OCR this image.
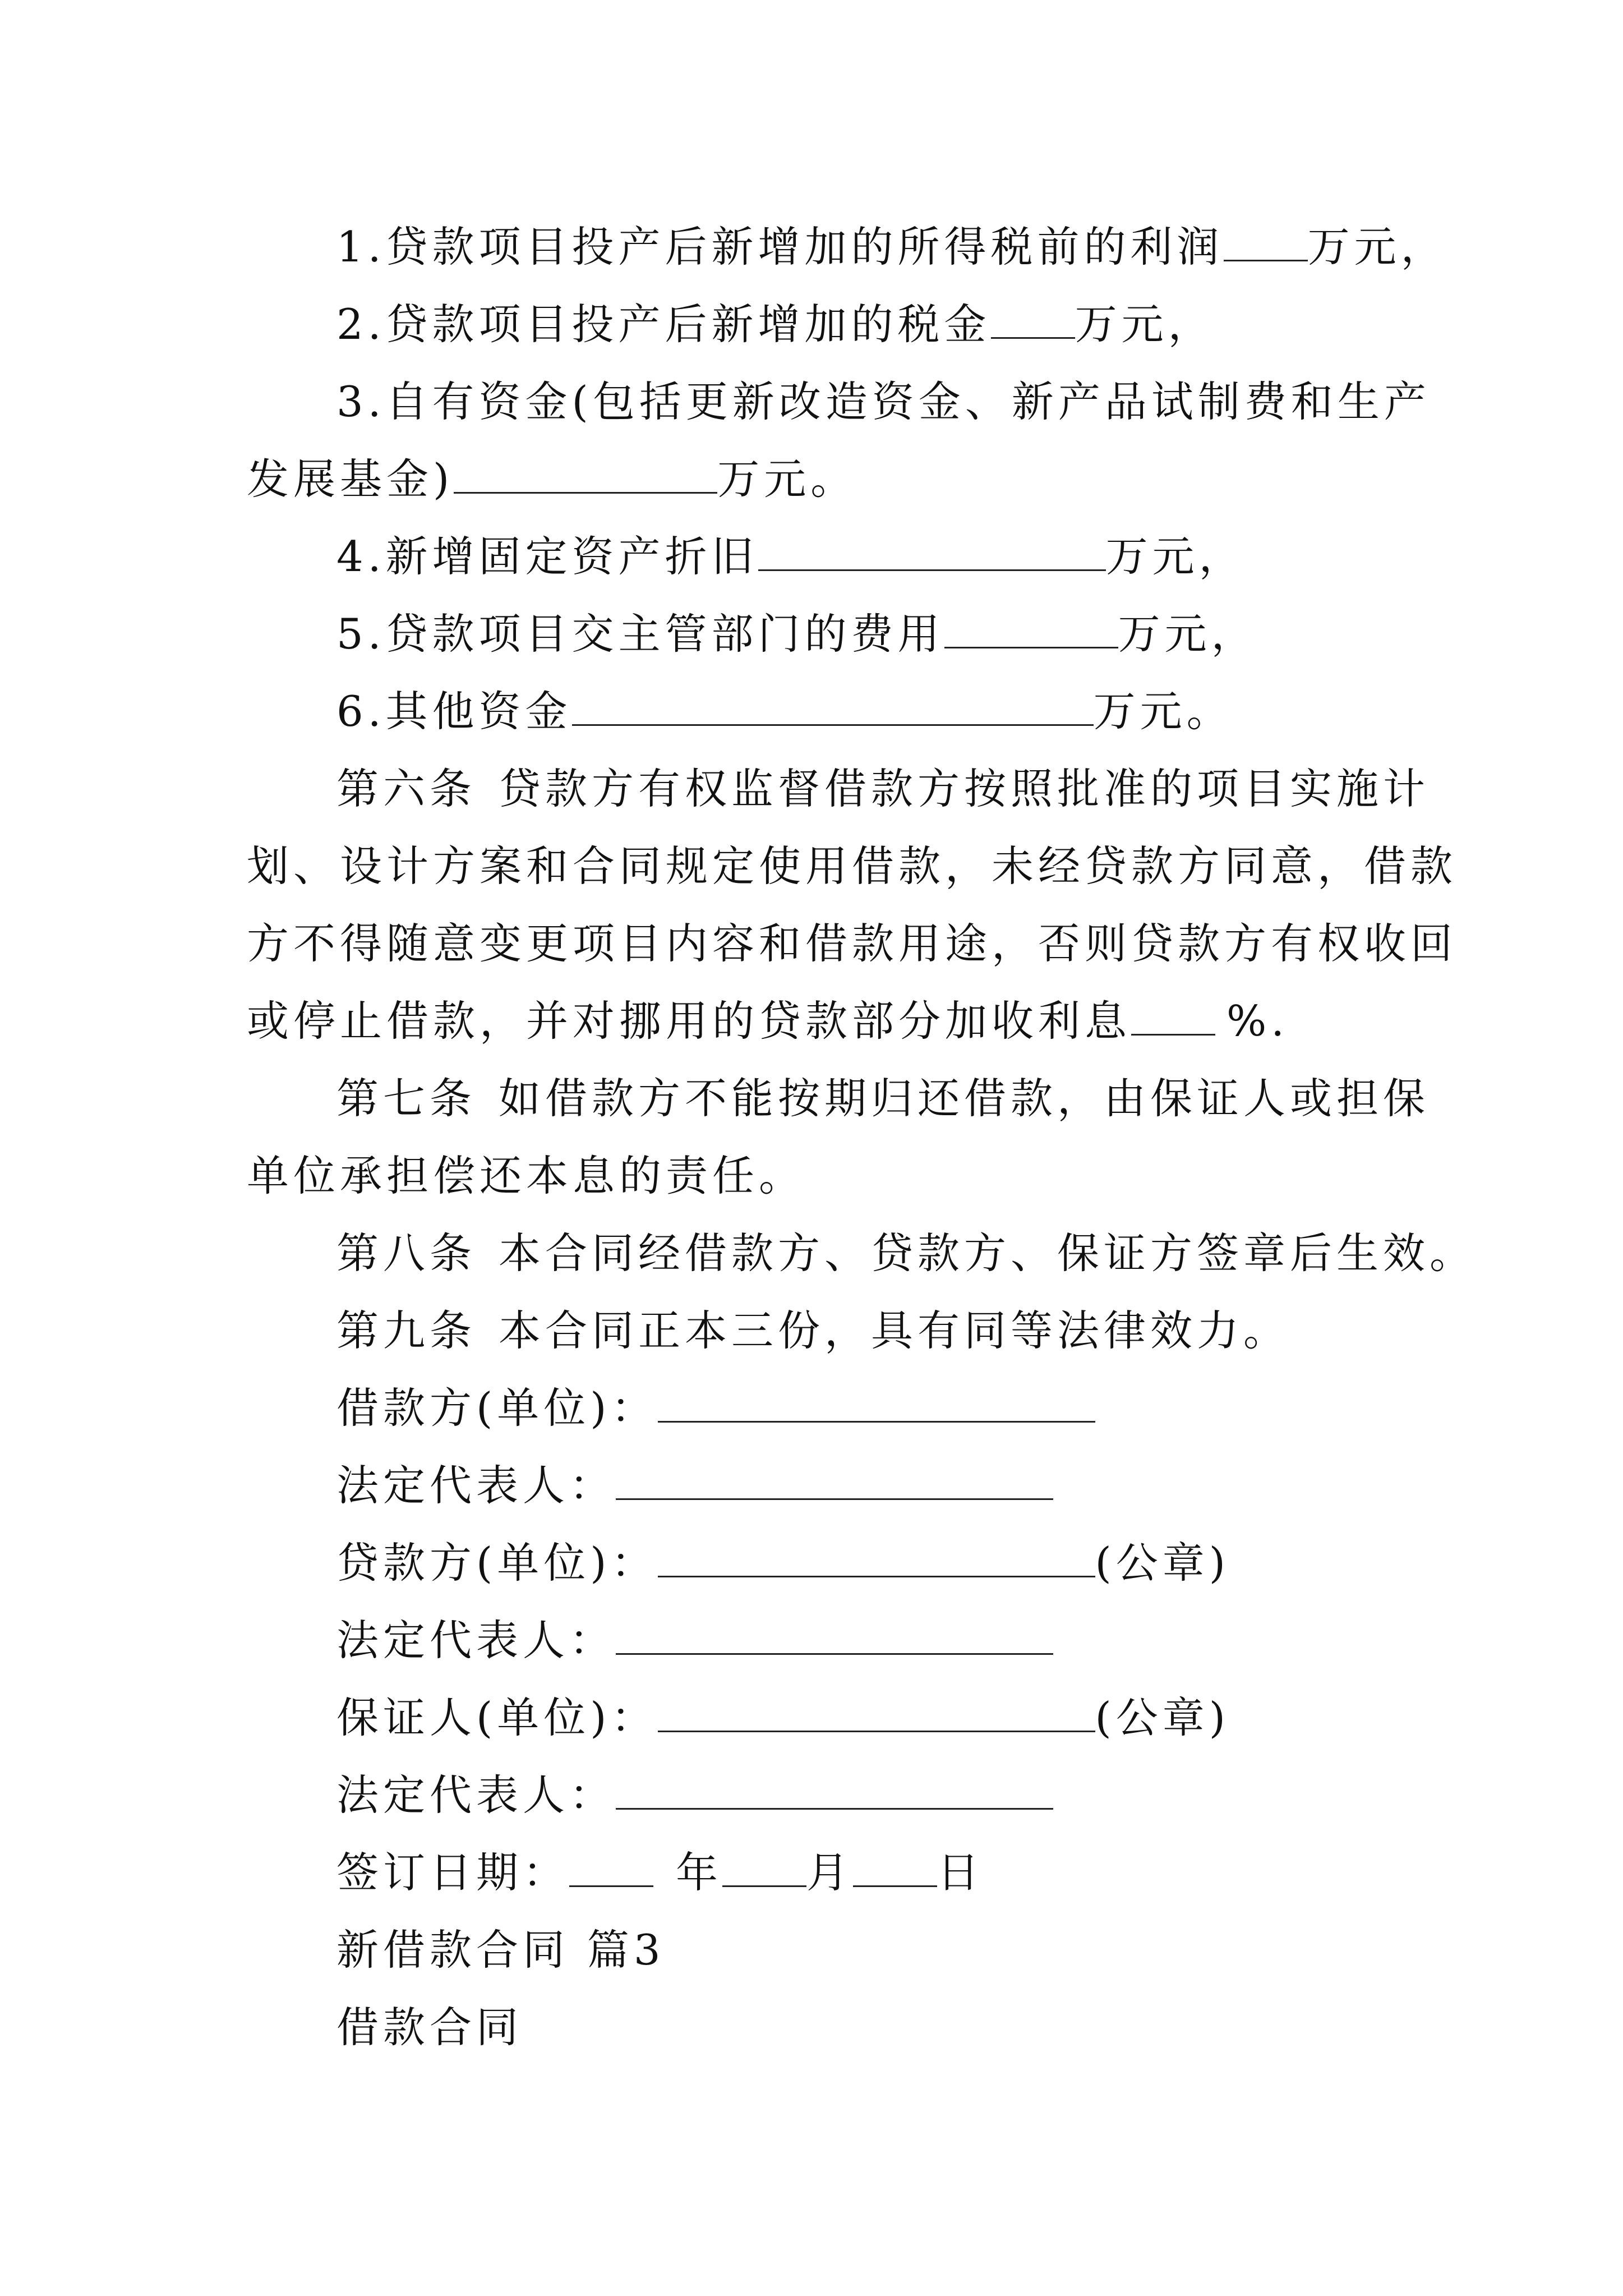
1.贷款项目投产后新增加的所得税前的利润 万元，
2.贷款项目投产后新增加的税金 万元，
3.自有资金(包括更新改造资金、新产品试制费和生产
发展基金)	万元。
4.新增固定资产折旧	万元，
5.贷款项目交主管部门的费用	万元，
6.其他资金	万元。
第六条 贷款方有权监督借款方按照批准的项目实施计
划、设计方案和合同规定使用借款，未经贷款方同意，借款
方不得随意变更项目内容和借款用途，否则贷款方有权收回
或停止借款，并对挪用的贷款部分加收利息 %.
第七条 如借款方不能按期归还借款，由保证人或担保
单位承担偿还本息的责任。
第八条 本合同经借款方、贷款方、保证方签章后生效。
第九条 本合同正本三份，具有同等法律效力。
借款方(单位)：
法定代表人：
贷款方(单位)：	(公章)
法定代表人：
保证人(单位)：	(公章)
法定代表人：
签订日期：	年 月 日
新借款合同 篇3
借款合同
